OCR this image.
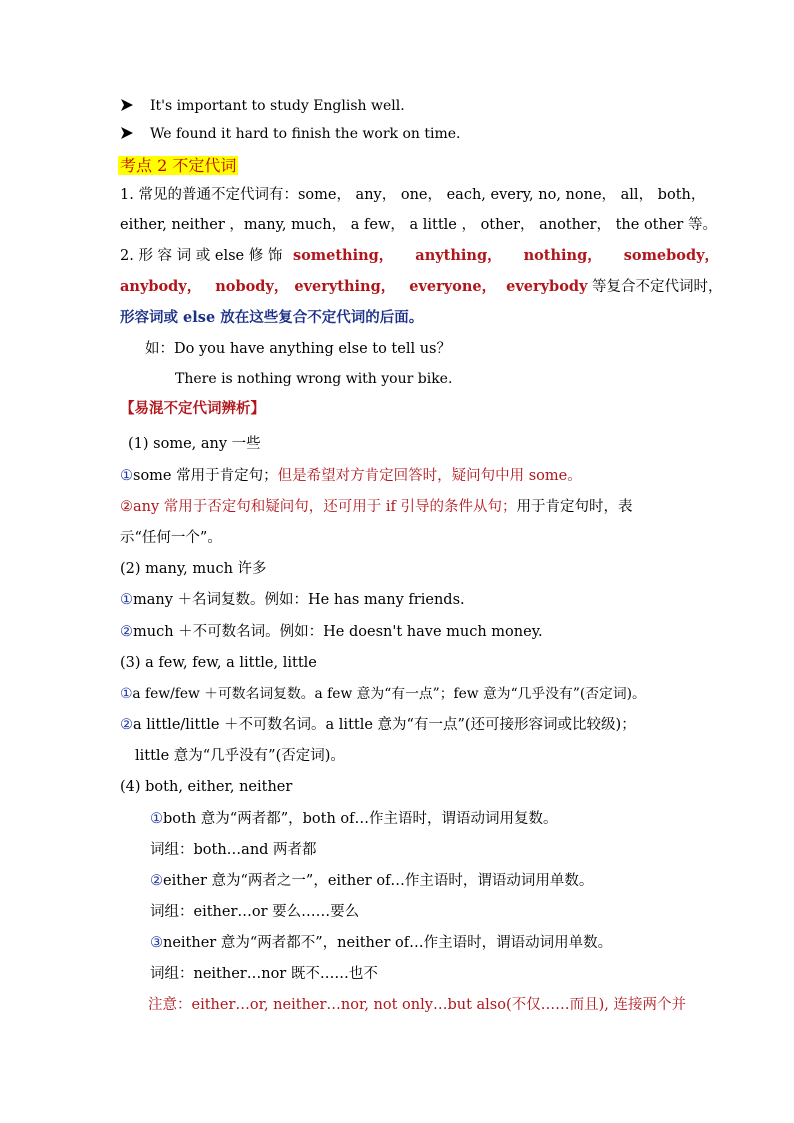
It's important to study English well.
We found it hard to finish the work on time.
考点 2 不定代词
1. 常见的普通不定代词有：some， any， one， each, every, no, none， all， both，
either, neither ，many, much， a few， a little ， other， another， the other 等。
2. 形 容 词 或 else 修 饰 something， anything， nothing， somebody，
anybody， nobody， everything， everyone， everybody 等复合不定代词时，
形容词或 else 放在这些复合不定代词的后面。
如：Do you have anything else to tell us？
There is nothing wrong with your bike.
【易混不定代词辨析】
(1) some, any 一些
①some 常用于肯定句；但是希望对方肯定回答时，疑问句中用 some。
②any 常用于否定句和疑问句，还可用于 if 引导的条件从句；用于肯定句时，表
示“任何一个”。
(2) many, much 许多
①many ＋名词复数。例如：He has many friends.
②much ＋不可数名词。例如：He doesn't have much money.
(3) a few, few, a little, little
①a few/few ＋可数名词复数。a few 意为“有一点”；few 意为“几乎没有”(否定词)。
②a little/little ＋不可数名词。a little 意为“有一点”(还可接形容词或比较级)；
little 意为“几乎没有”(否定词)。
(4) both, either, neither
①both 意为“两者都”，both of…作主语时，谓语动词用复数。
词组：both…and 两者都
②either 意为“两者之一”，either of…作主语时，谓语动词用单数。
词组：either…or 要么……要么
③neither 意为“两者都不”，neither of…作主语时，谓语动词用单数。
词组：neither…nor 既不……也不
注意：either…or, neither…nor, not only…but also(不仅……而且), 连接两个并
